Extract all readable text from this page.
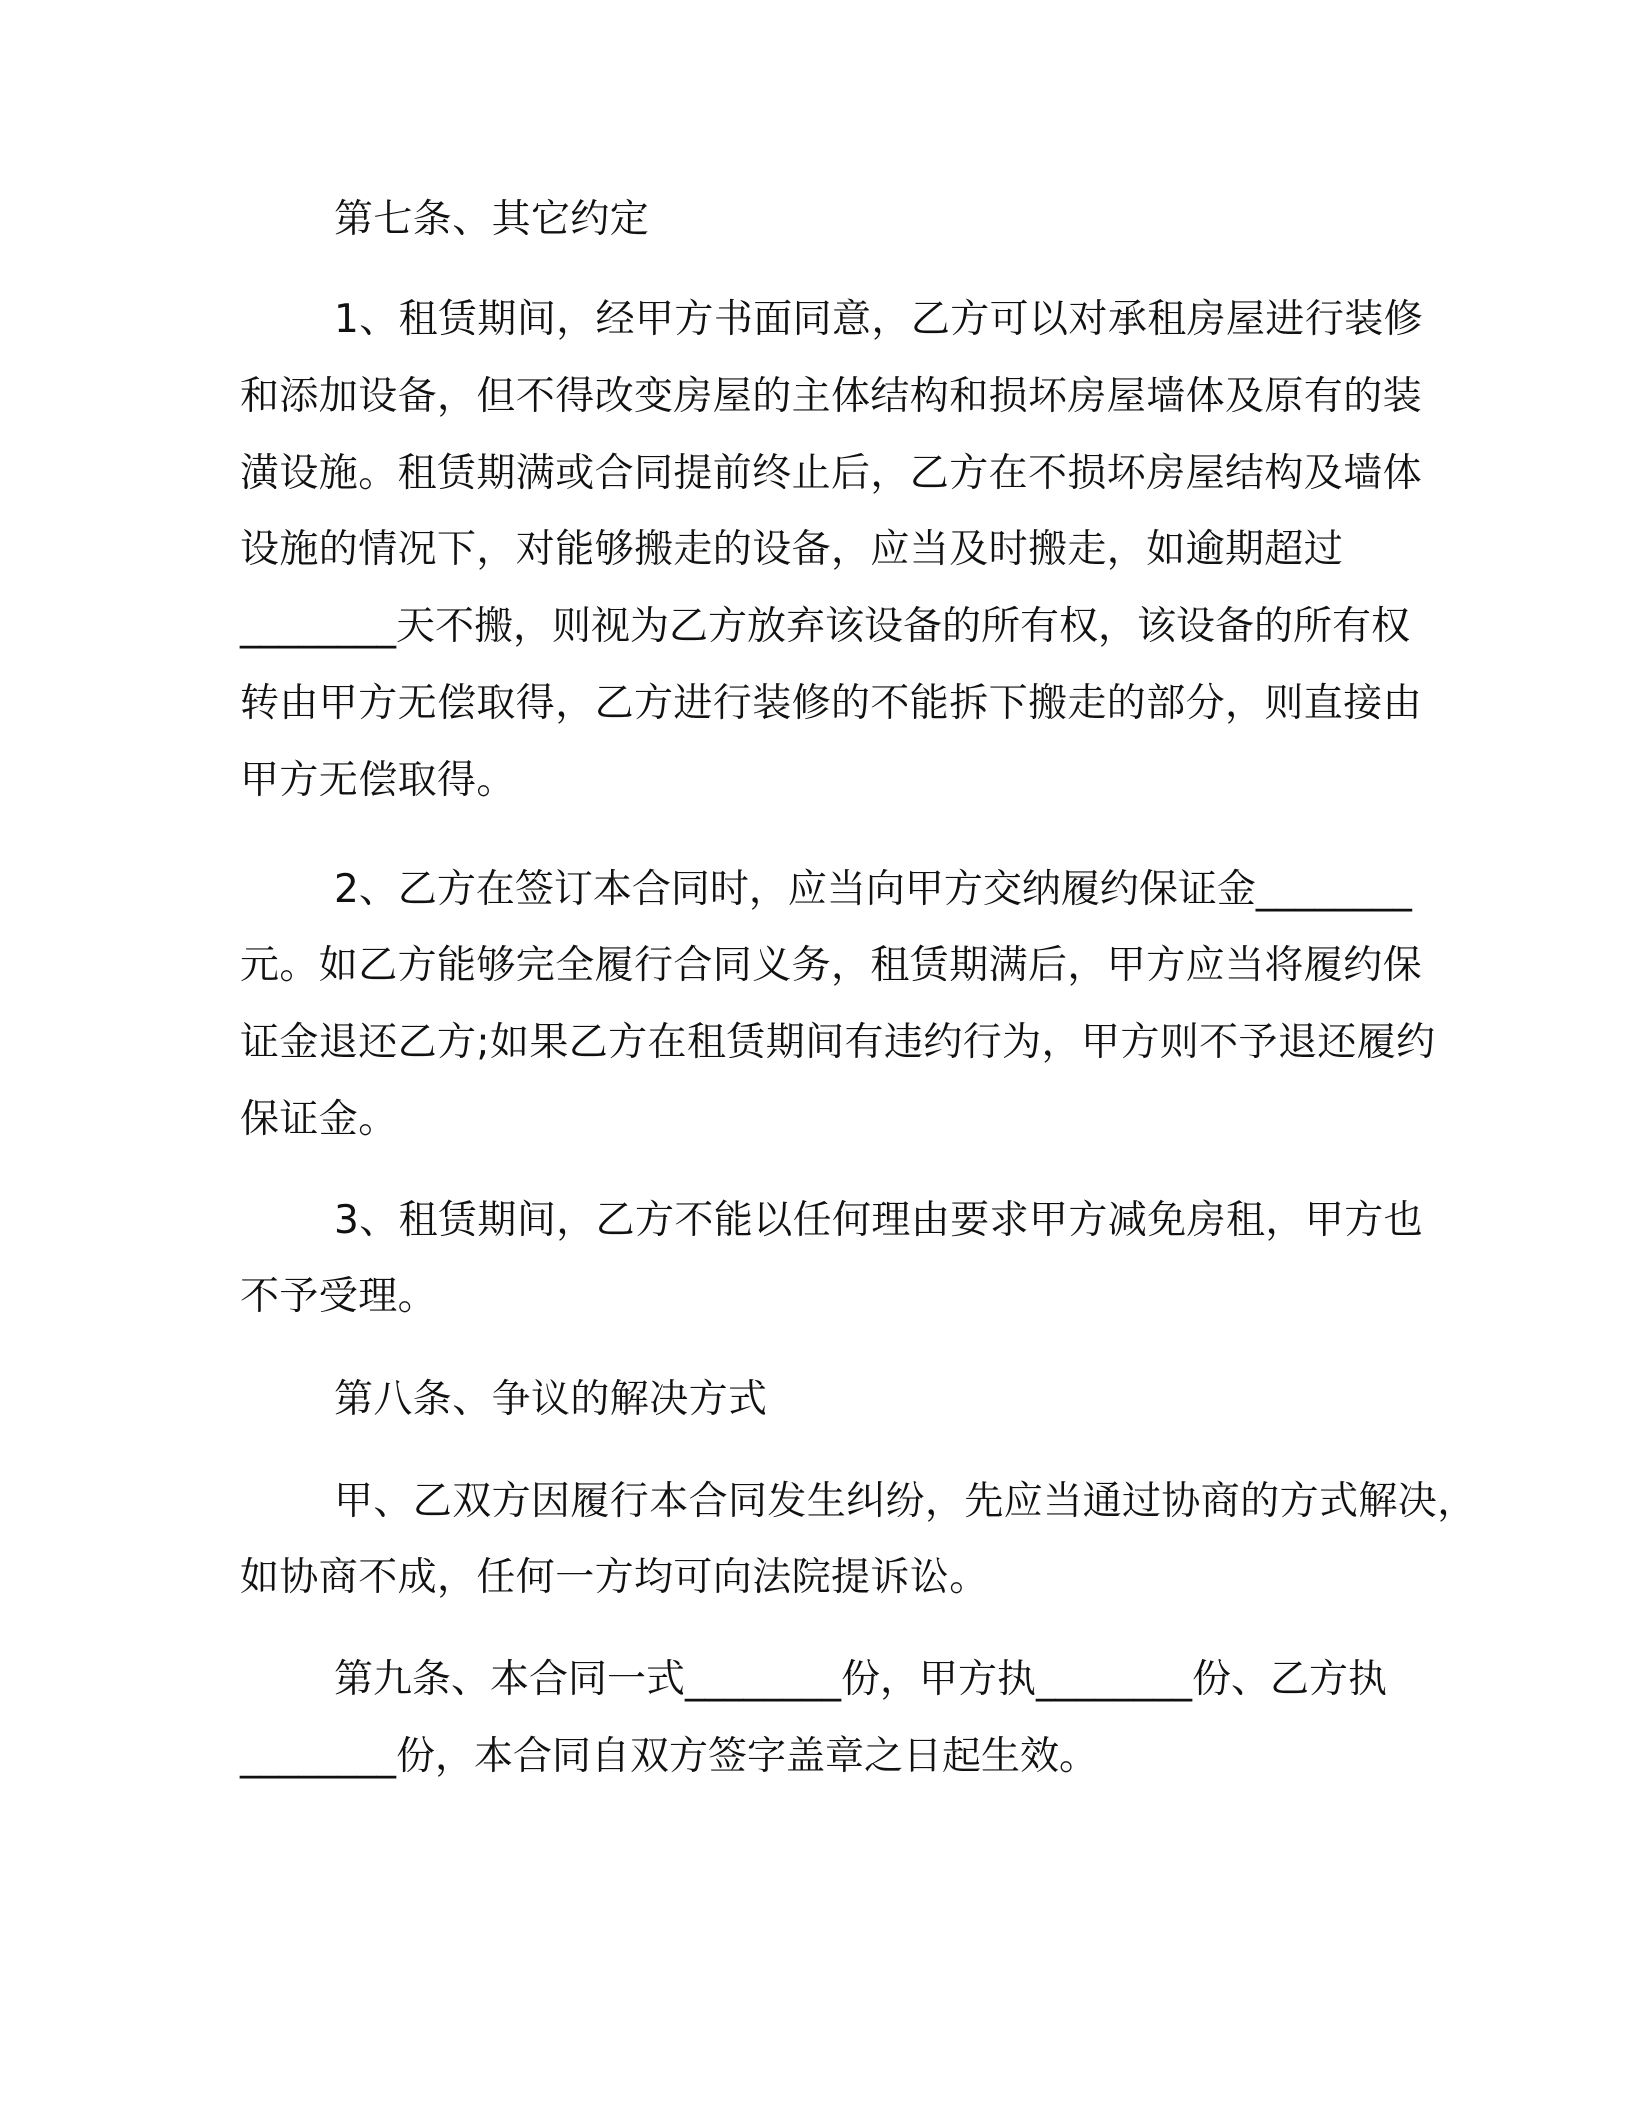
第七条、其它约定
1、租赁期间，经甲方书面同意，乙方可以对承租房屋进行装修
和添加设备，但不得改变房屋的主体结构和损坏房屋墙体及原有的装
潢设施。租赁期满或合同提前终止后，乙方在不损坏房屋结构及墙体
设施的情况下，对能够搬走的设备，应当及时搬走，如逾期超过
________天不搬，则视为乙方放弃该设备的所有权，该设备的所有权
转由甲方无偿取得，乙方进行装修的不能拆下搬走的部分，则直接由
甲方无偿取得。
2、乙方在签订本合同时，应当向甲方交纳履约保证金________
元。如乙方能够完全履行合同义务，租赁期满后，甲方应当将履约保
证金退还乙方;如果乙方在租赁期间有违约行为，甲方则不予退还履约
保证金。
3、租赁期间，乙方不能以任何理由要求甲方减免房租，甲方也
不予受理。
第八条、争议的解决方式
甲、乙双方因履行本合同发生纠纷，先应当通过协商的方式解决，
如协商不成，任何一方均可向法院提诉讼。
第九条、本合同一式________份，甲方执________份、乙方执
________份，本合同自双方签字盖章之日起生效。
